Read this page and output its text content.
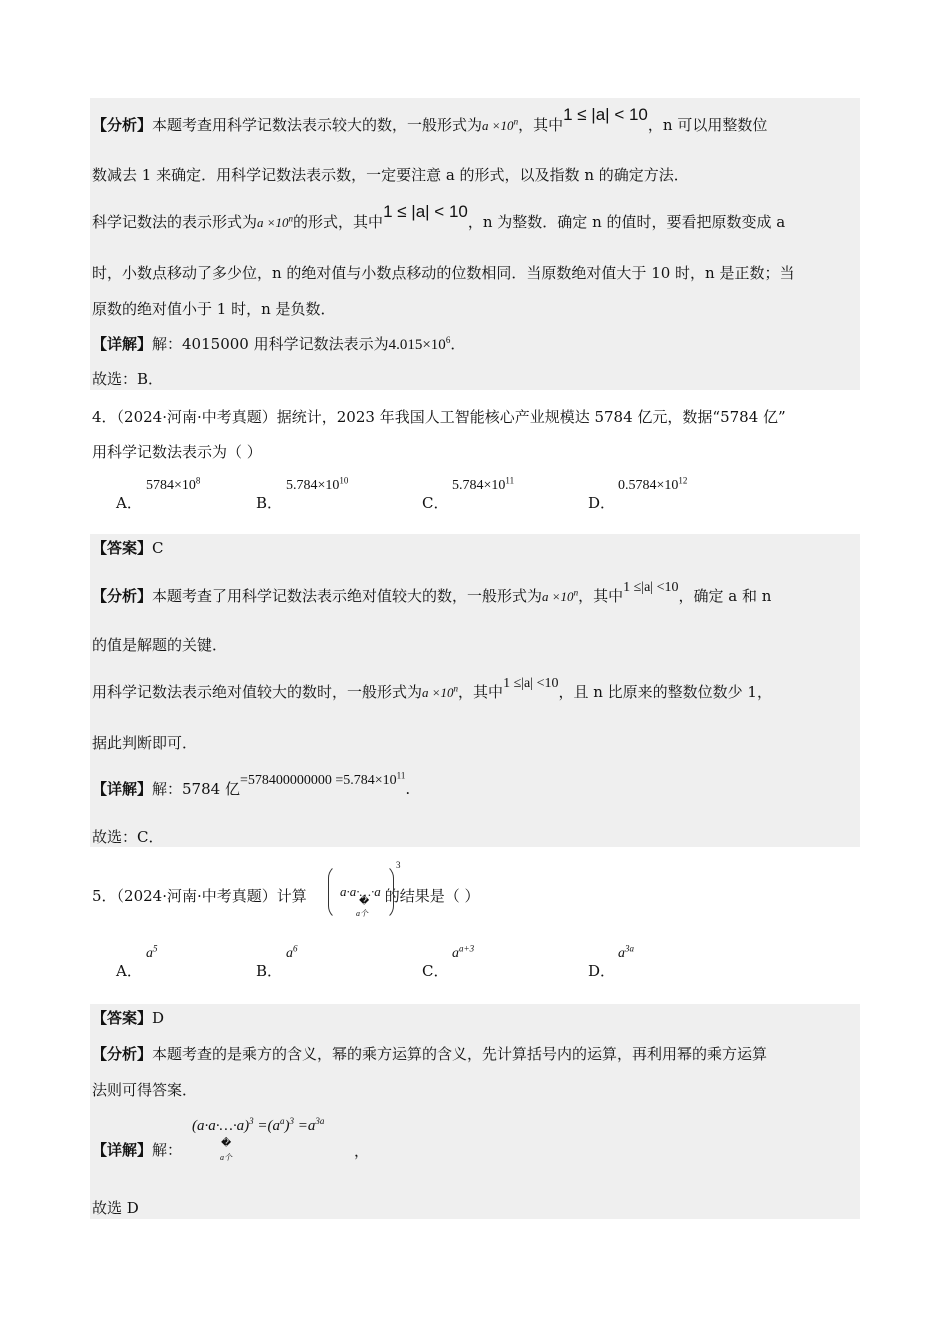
【分析】本题考查用科学记数法表示较大的数，一般形式为$a \times 10^n$，其中1 ≤ |a| < 10，n 可以用整数位
数减去 1 来确定．用科学记数法表示数，一定要注意 a 的形式，以及指数 n 的确定方法．
科学记数法的表示形式为$a \times 10^n$的形式，其中1 ≤ |a| < 10，n 为整数．确定 n 的值时，要看把原数变成 a
时，小数点移动了多少位，n 的绝对值与小数点移动的位数相同．当原数绝对值大于 10 时，n 是正数；当
原数的绝对值小于 1 时，n 是负数．
【详解】解：4015000 用科学记数法表示为$4.015\times 10^6$．
故选：B．
4．（2024·河南·中考真题）据统计，2023 年我国人工智能核心产业规模达 5784 亿元，数据“5784 亿”
用科学记数法表示为（ ）
A．
$5784\times 10^8$
B．
$5.784\times 10^{10}$
C．
$5.784\times 10^{11}$
D．
$0.5784\times 10^{12}$
【答案】C
【分析】本题考查了用科学记数法表示绝对值较大的数，一般形式为$a \times 10^n$，其中1 ≤|a| <10，确定 a 和 n
的值是解题的关键．
用科学记数法表示绝对值较大的数时，一般形式为$a \times 10^n$，其中1 ≤|a| <10，且 n 比原来的整数位数少 1，
据此判断即可．
【详解】解：5784 亿$=578400000000 =5.784\times 10^{11}$.
故选：C．
5．（2024·河南·中考真题）计算	的结果是（ ）
a·a·…·a
3
�
a个
A．
$a^5$
B．
$a^6$
C．
$a^{a+3}$
D．
$a^{3a}$
【答案】D
【分析】本题考查的是乘方的含义，幂的乘方运算的含义，先计算括号内的运算，再利用幂的乘方运算
法则可得答案．
【详解】解：
(a·a·…·a)$^3$ $=(a^a)^3 =a^{3a}$
�
a个	，
故选 D
